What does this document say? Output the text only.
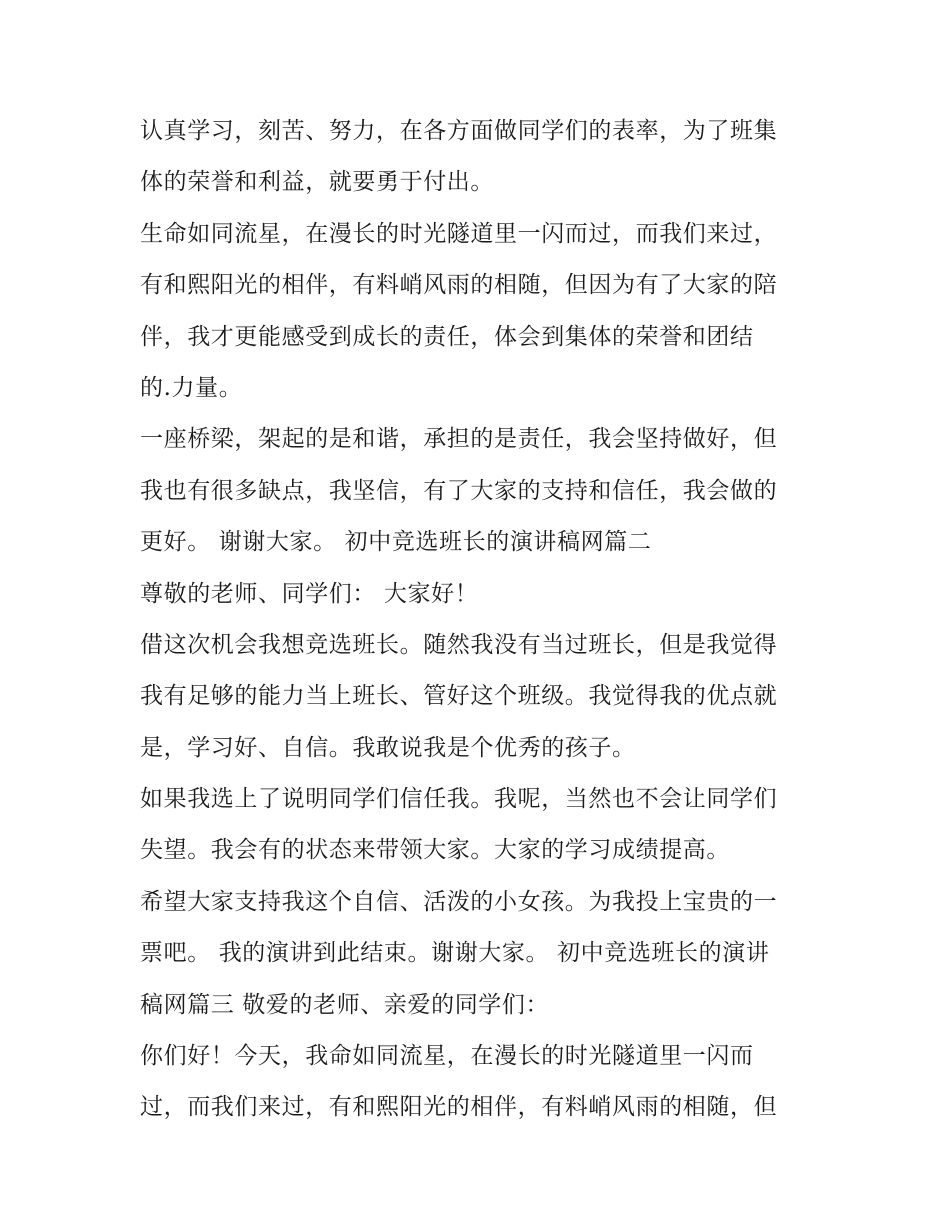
认真学习，刻苦、努力，在各方面做同学们的表率，为了班集
体的荣誉和利益，就要勇于付出。
生命如同流星，在漫长的时光隧道里一闪而过，而我们来过，
有和熙阳光的相伴，有料峭风雨的相随，但因为有了大家的陪
伴，我才更能感受到成长的责任，体会到集体的荣誉和团结
的.力量。
一座桥梁，架起的是和谐，承担的是责任，我会坚持做好，但
我也有很多缺点，我坚信，有了大家的支持和信任，我会做的
更好。 谢谢大家。 初中竞选班长的演讲稿网篇二
尊敬的老师、同学们： 大家好！
借这次机会我想竞选班长。随然我没有当过班长，但是我觉得
我有足够的能力当上班长、管好这个班级。我觉得我的优点就
是，学习好、自信。我敢说我是个优秀的孩子。
如果我选上了说明同学们信任我。我呢，当然也不会让同学们
失望。我会有的状态来带领大家。大家的学习成绩提高。
希望大家支持我这个自信、活泼的小女孩。为我投上宝贵的一
票吧。 我的演讲到此结束。谢谢大家。 初中竞选班长的演讲
稿网篇三 敬爱的老师、亲爱的同学们：
你们好！今天，我命如同流星，在漫长的时光隧道里一闪而
过，而我们来过，有和熙阳光的相伴，有料峭风雨的相随，但
